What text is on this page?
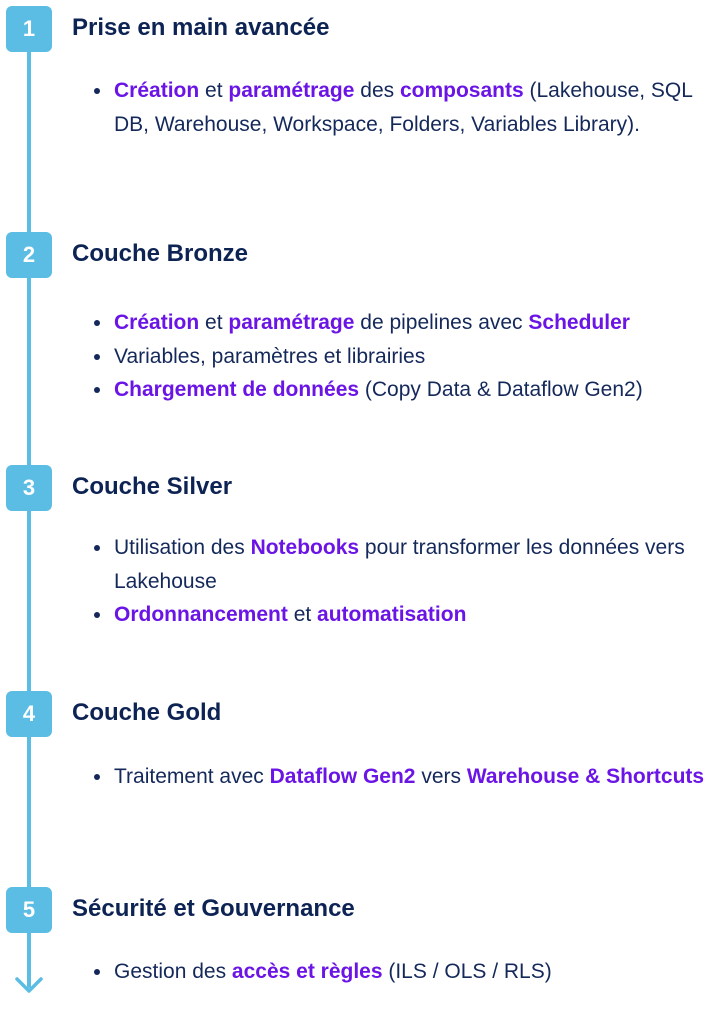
1	Prise en main avancée
Création et paramétrage des composants (Lakehouse, SQL DB, Warehouse, Workspace, Folders, Variables Library).
2	Couche Bronze
Création et paramétrage de pipelines avec Scheduler
Variables, paramètres et librairies
Chargement de données (Copy Data & Dataflow Gen2)
3	Couche Silver
Utilisation des Notebooks pour transformer les données vers Lakehouse
Ordonnancement et automatisation
4	Couche Gold
Traitement avec Dataflow Gen2 vers Warehouse & Shortcuts
5	Sécurité et Gouvernance
Gestion des accès et règles (ILS / OLS / RLS)
